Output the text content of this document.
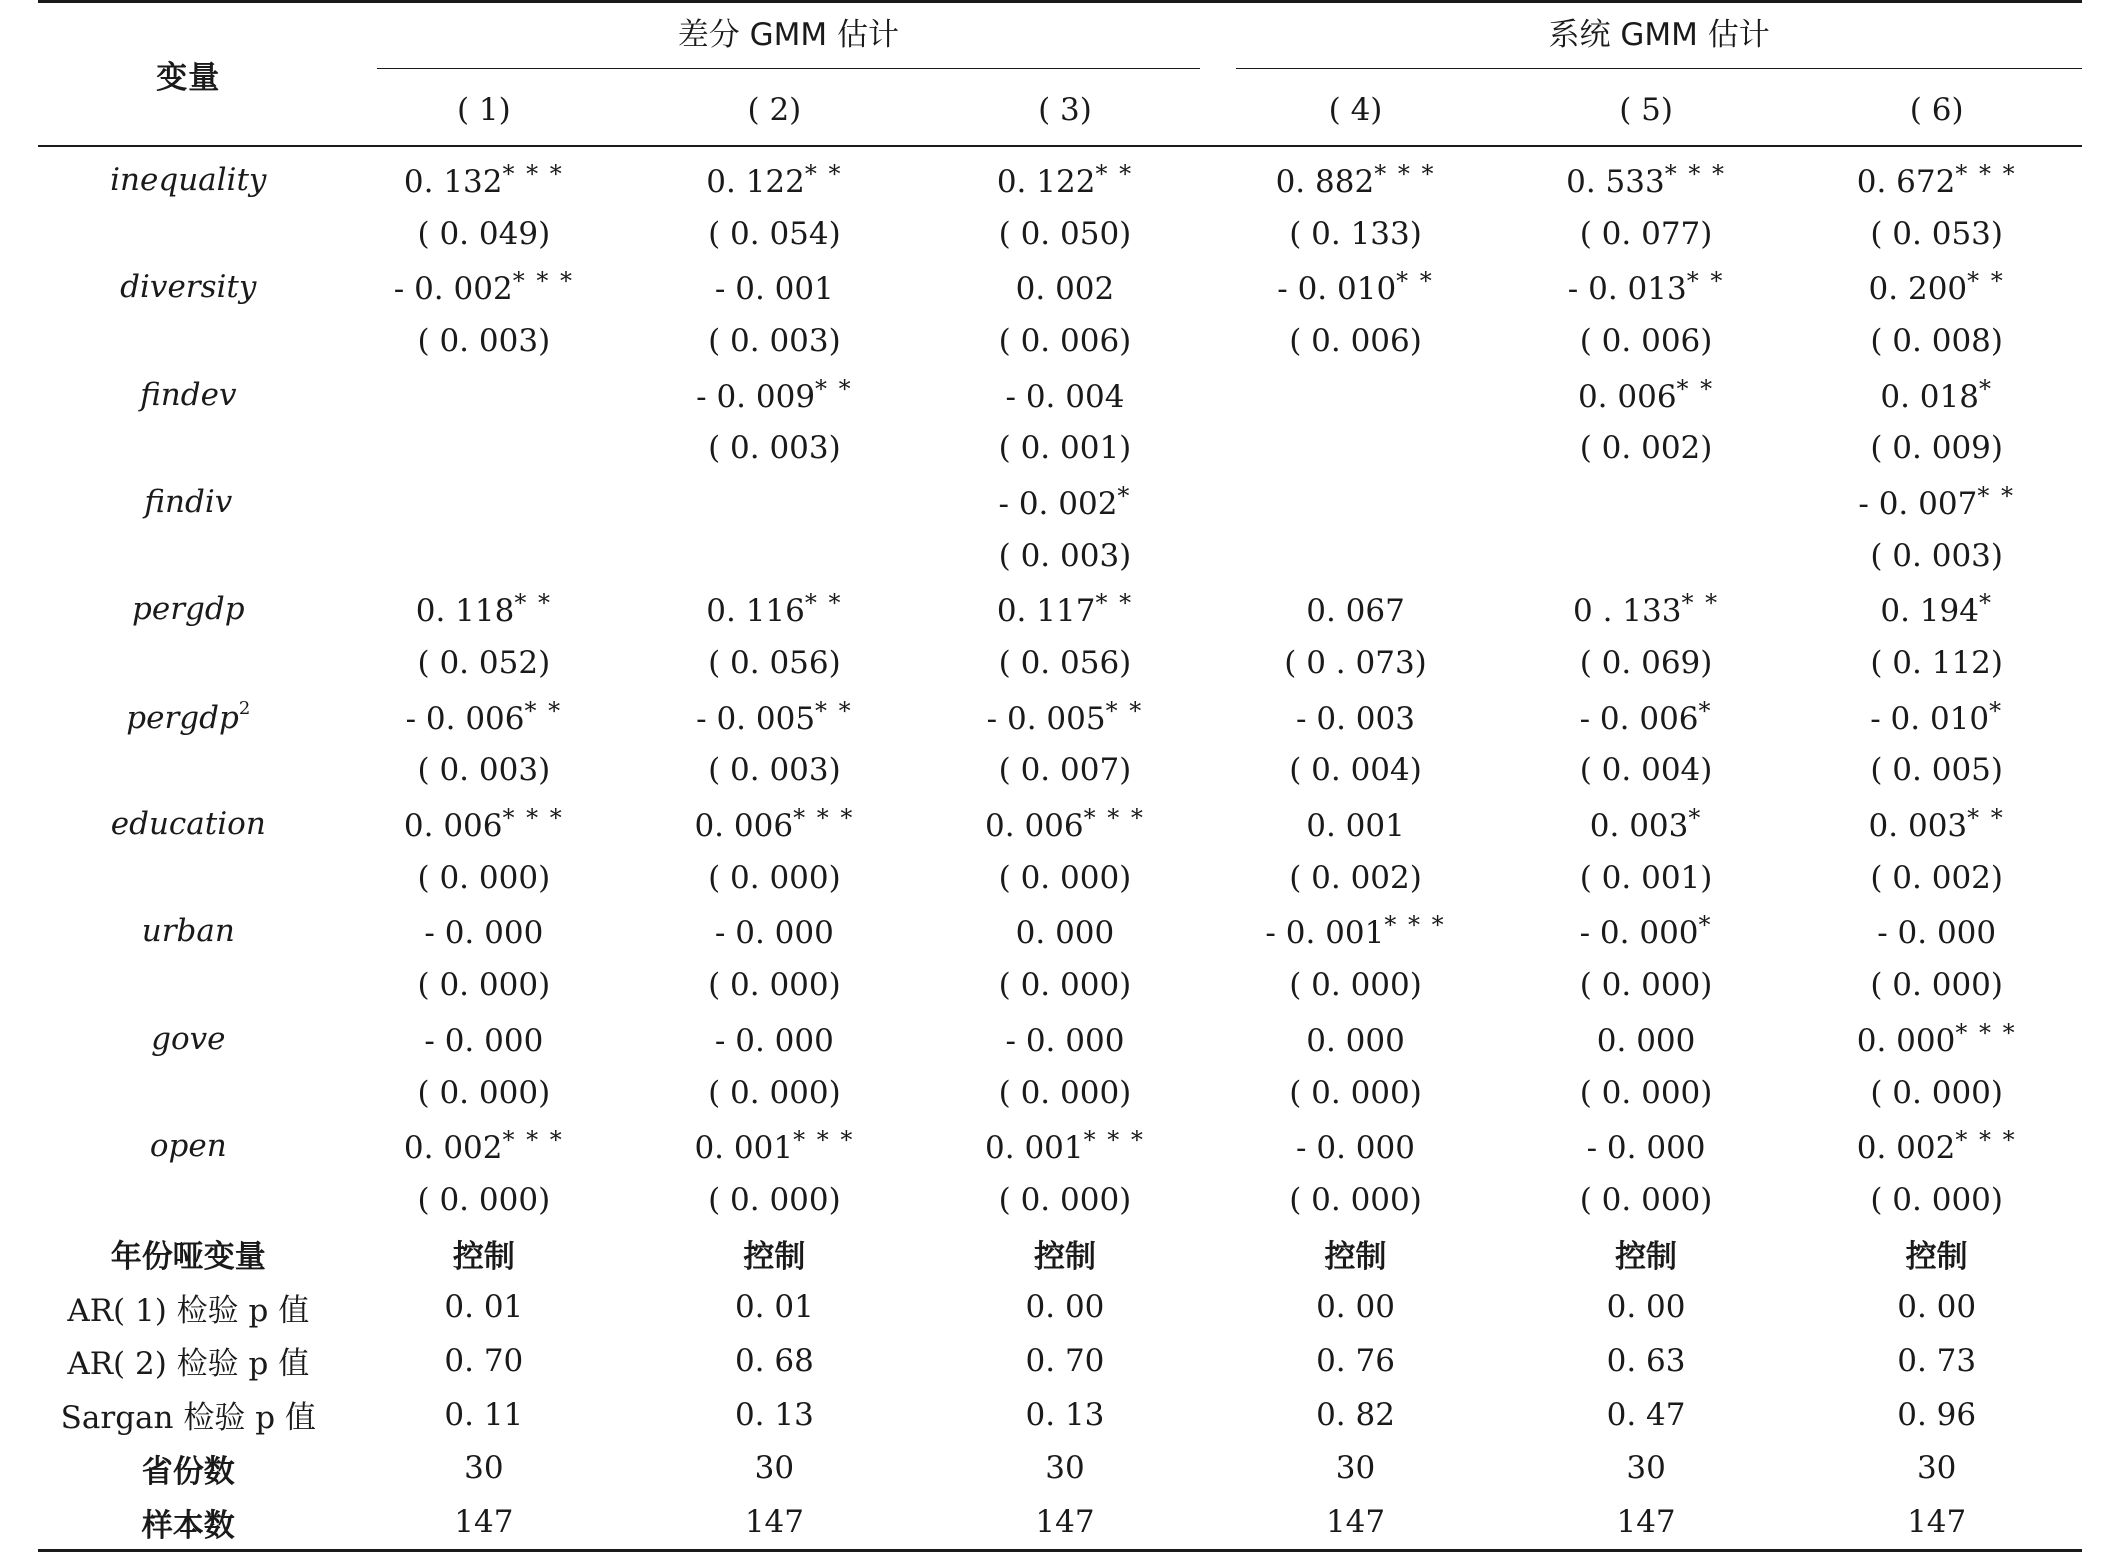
变量	差分 GMM 估计			系统 GMM 估计		

	( 1)	( 2)	( 3)	( 4)	( 5)	( 6)
inequality	0. 132* * *	0. 122* *	0. 122* *	0. 882* * *	0. 533* * *	0. 672* * *
	( 0. 049)	( 0. 054)	( 0. 050)	( 0. 133)	( 0. 077)	( 0. 053)
diversity	- 0. 002* * *	- 0. 001	0. 002	- 0. 010* *	- 0. 013* *	0. 200* *
	( 0. 003)	( 0. 003)	( 0. 006)	( 0. 006)	( 0. 006)	( 0. 008)
findev		- 0. 009* *	- 0. 004		0. 006* *	0. 018*
		( 0. 003)	( 0. 001)		( 0. 002)	( 0. 009)
findiv			- 0. 002*			- 0. 007* *
			( 0. 003)			( 0. 003)
pergdp	0. 118* *	0. 116* *	0. 117* *	0. 067	0 . 133* *	0. 194*
	( 0. 052)	( 0. 056)	( 0. 056)	( 0 . 073)	( 0. 069)	( 0. 112)
pergdp$^2$	- 0. 006* *	- 0. 005* *	- 0. 005* *	- 0. 003	- 0. 006*	- 0. 010*
	( 0. 003)	( 0. 003)	( 0. 007)	( 0. 004)	( 0. 004)	( 0. 005)
education	0. 006* * *	0. 006* * *	0. 006* * *	0. 001	0. 003*	0. 003* *
	( 0. 000)	( 0. 000)	( 0. 000)	( 0. 002)	( 0. 001)	( 0. 002)
urban	- 0. 000	- 0. 000	0. 000	- 0. 001* * *	- 0. 000*	- 0. 000
	( 0. 000)	( 0. 000)	( 0. 000)	( 0. 000)	( 0. 000)	( 0. 000)
gove	- 0. 000	- 0. 000	- 0. 000	0. 000	0. 000	0. 000* * *
	( 0. 000)	( 0. 000)	( 0. 000)	( 0. 000)	( 0. 000)	( 0. 000)
open	0. 002* * *	0. 001* * *	0. 001* * *	- 0. 000	- 0. 000	0. 002* * *
	( 0. 000)	( 0. 000)	( 0. 000)	( 0. 000)	( 0. 000)	( 0. 000)
年份哑变量	控制	控制	控制	控制	控制	控制
AR( 1) 检验 p 值	0. 01	0. 01	0. 00	0. 00	0. 00	0. 00
AR( 2) 检验 p 值	0. 70	0. 68	0. 70	0. 76	0. 63	0. 73
Sargan 检验 p 值	0. 11	0. 13	0. 13	0. 82	0. 47	0. 96
省份数	30	30	30	30	30	30
样本数	147	147	147	147	147	147
